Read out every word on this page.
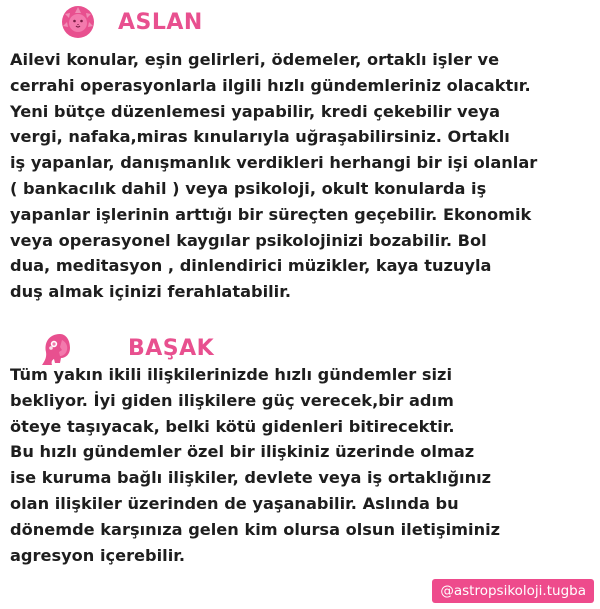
ASLAN
Ailevi konular, eşin gelirleri, ödemeler, ortaklı işler ve
cerrahi operasyonlarla ilgili hızlı gündemleriniz olacaktır.
Yeni bütçe düzenlemesi yapabilir, kredi çekebilir veya
vergi, nafaka,miras kınularıyla uğraşabilirsiniz. Ortaklı
iş yapanlar, danışmanlık verdikleri herhangi bir işi olanlar
( bankacılık dahil ) veya psikoloji, okult konularda iş
yapanlar işlerinin arttığı bir süreçten geçebilir. Ekonomik
veya operasyonel kaygılar psikolojinizi bozabilir. Bol
dua, meditasyon , dinlendirici müzikler, kaya tuzuyla
duş almak içinizi ferahlatabilir.
BAŞAK
Tüm yakın ikili ilişkilerinizde hızlı gündemler sizi
bekliyor. İyi giden ilişkilere güç verecek,bir adım
öteye taşıyacak, belki kötü gidenleri bitirecektir.
Bu hızlı gündemler özel bir ilişkiniz üzerinde olmaz
ise kuruma bağlı ilişkiler, devlete veya iş ortaklığınız
olan ilişkiler üzerinden de yaşanabilir. Aslında bu
dönemde karşınıza gelen kim olursa olsun iletişiminiz
agresyon içerebilir.
@astropsikoloji.tugba
